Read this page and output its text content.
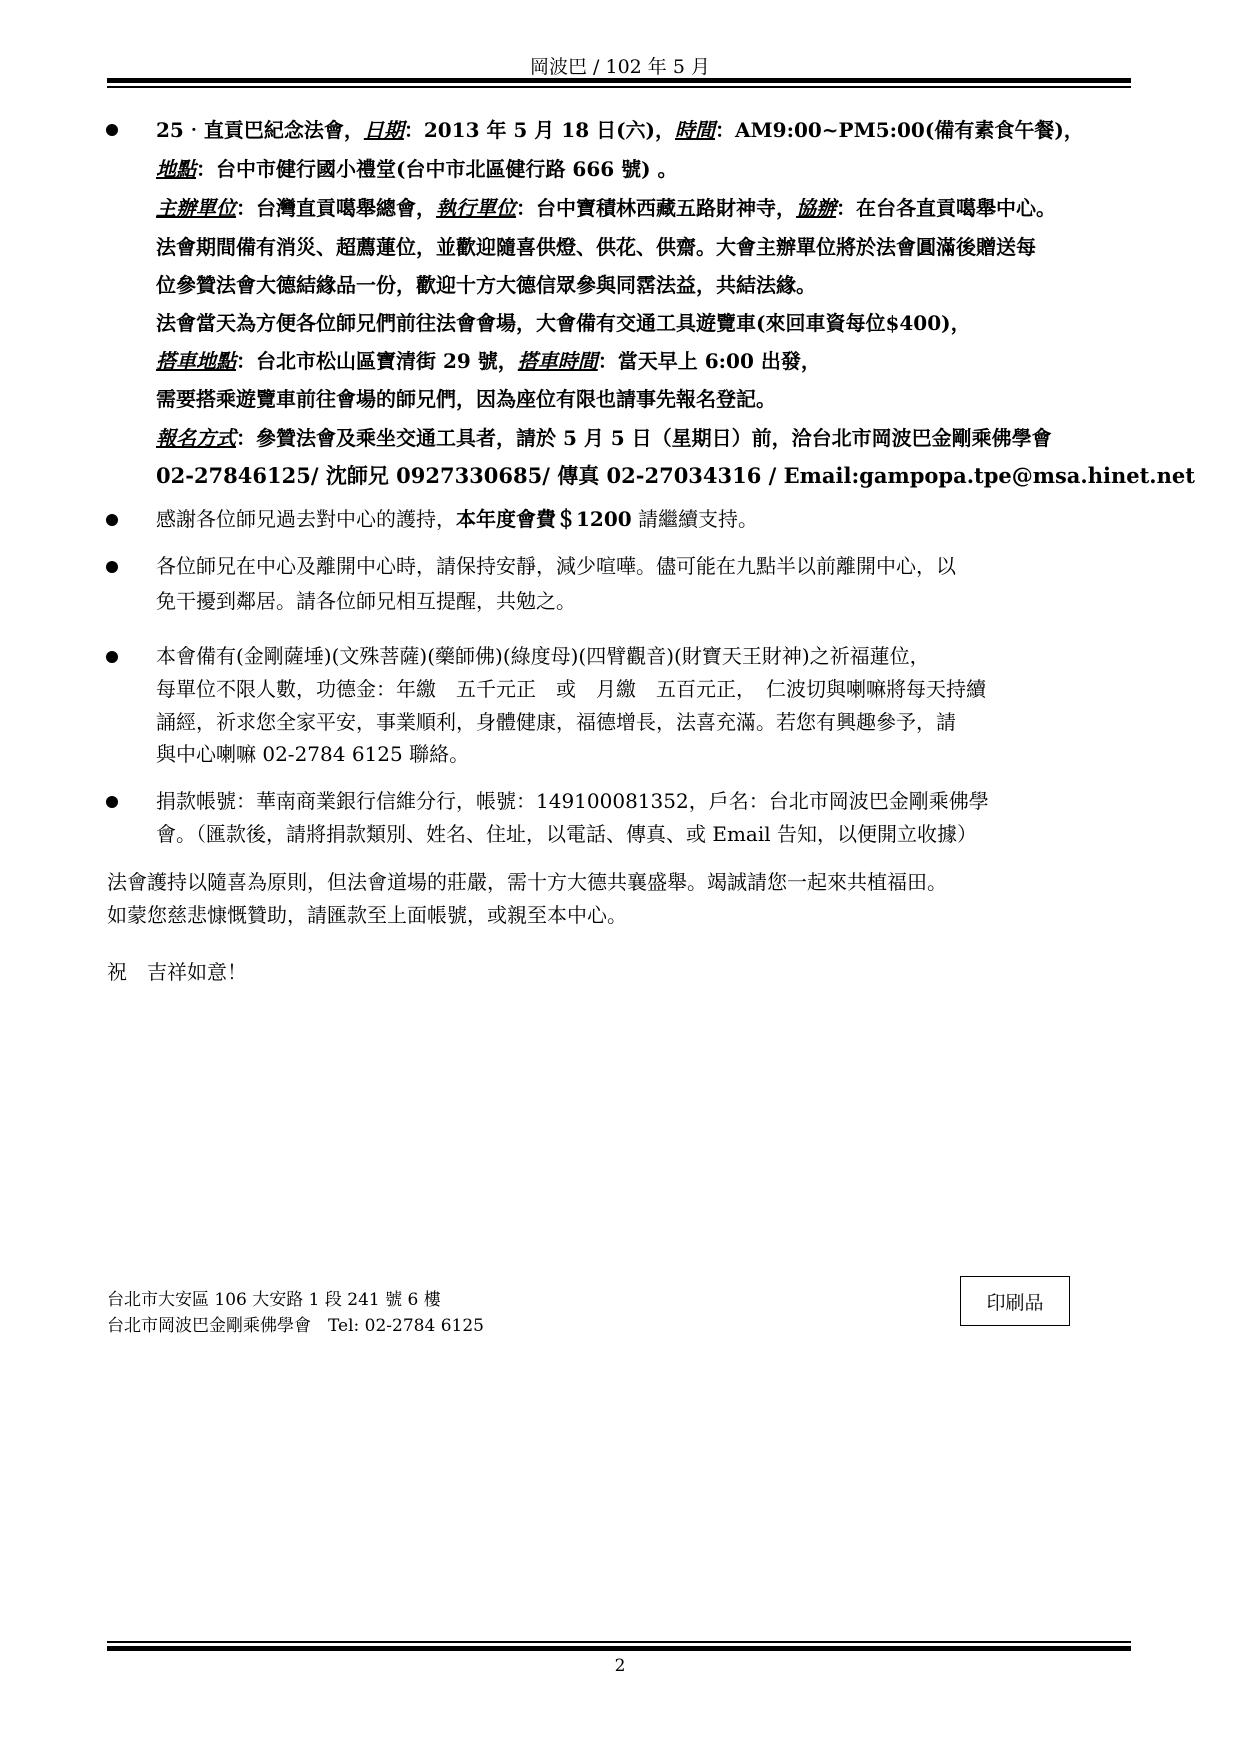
岡波巴 / 102 年 5 月
25‧直貢巴紀念法會，日期：2013 年 5 月 18 日(六)，時間：AM9:00~PM5:00(備有素食午餐)，
地點：台中市健行國小禮堂(台中市北區健行路 666 號) 。
主辦單位：台灣直貢噶舉總會，執行單位：台中寶積林西藏五路財神寺，協辦：在台各直貢噶舉中心。
法會期間備有消災、超薦蓮位，並歡迎隨喜供燈、供花、供齋。大會主辦單位將於法會圓滿後贈送每
位參贊法會大德結緣品一份，歡迎十方大德信眾參與同霑法益，共結法緣。
法會當天為方便各位師兄們前往法會會場，大會備有交通工具遊覽車(來回車資每位$400)，
搭車地點：台北市松山區寶清街 29 號，搭車時間：當天早上 6:00 出發，
需要搭乘遊覽車前往會場的師兄們，因為座位有限也請事先報名登記。
報名方式：參贊法會及乘坐交通工具者，請於 5 月 5 日（星期日）前，洽台北市岡波巴金剛乘佛學會
02-27846125/ 沈師兄 0927330685/ 傳真 02-27034316 / Email:gampopa.tpe@msa.hinet.net
感謝各位師兄過去對中心的護持，本年度會費＄1200 請繼續支持。
各位師兄在中心及離開中心時，請保持安靜，減少喧嘩。儘可能在九點半以前離開中心，以
免干擾到鄰居。請各位師兄相互提醒，共勉之。
本會備有(金剛薩埵)(文殊菩薩)(藥師佛)(綠度母)(四臂觀音)(財寶天王財神)之祈福蓮位，
每單位不限人數，功德金：年繳　五千元正　或　月繳　五百元正，　仁波切與喇嘛將每天持續
誦經，祈求您全家平安，事業順利，身體健康，福德增長，法喜充滿。若您有興趣參予，請
與中心喇嘛 02-2784 6125 聯絡。
捐款帳號：華南商業銀行信維分行，帳號：149100081352，戶名：台北市岡波巴金剛乘佛學
會。（匯款後，請將捐款類別、姓名、住址，以電話、傳真、或 Email 告知，以便開立收據）
法會護持以隨喜為原則，但法會道場的莊嚴，需十方大德共襄盛舉。竭誠請您一起來共植福田。
如蒙您慈悲慷慨贊助，請匯款至上面帳號，或親至本中心。
祝　吉祥如意！
台北市大安區 106 大安路 1 段 241 號 6 樓
台北市岡波巴金剛乘佛學會　Tel: 02-2784 6125
印刷品
2
